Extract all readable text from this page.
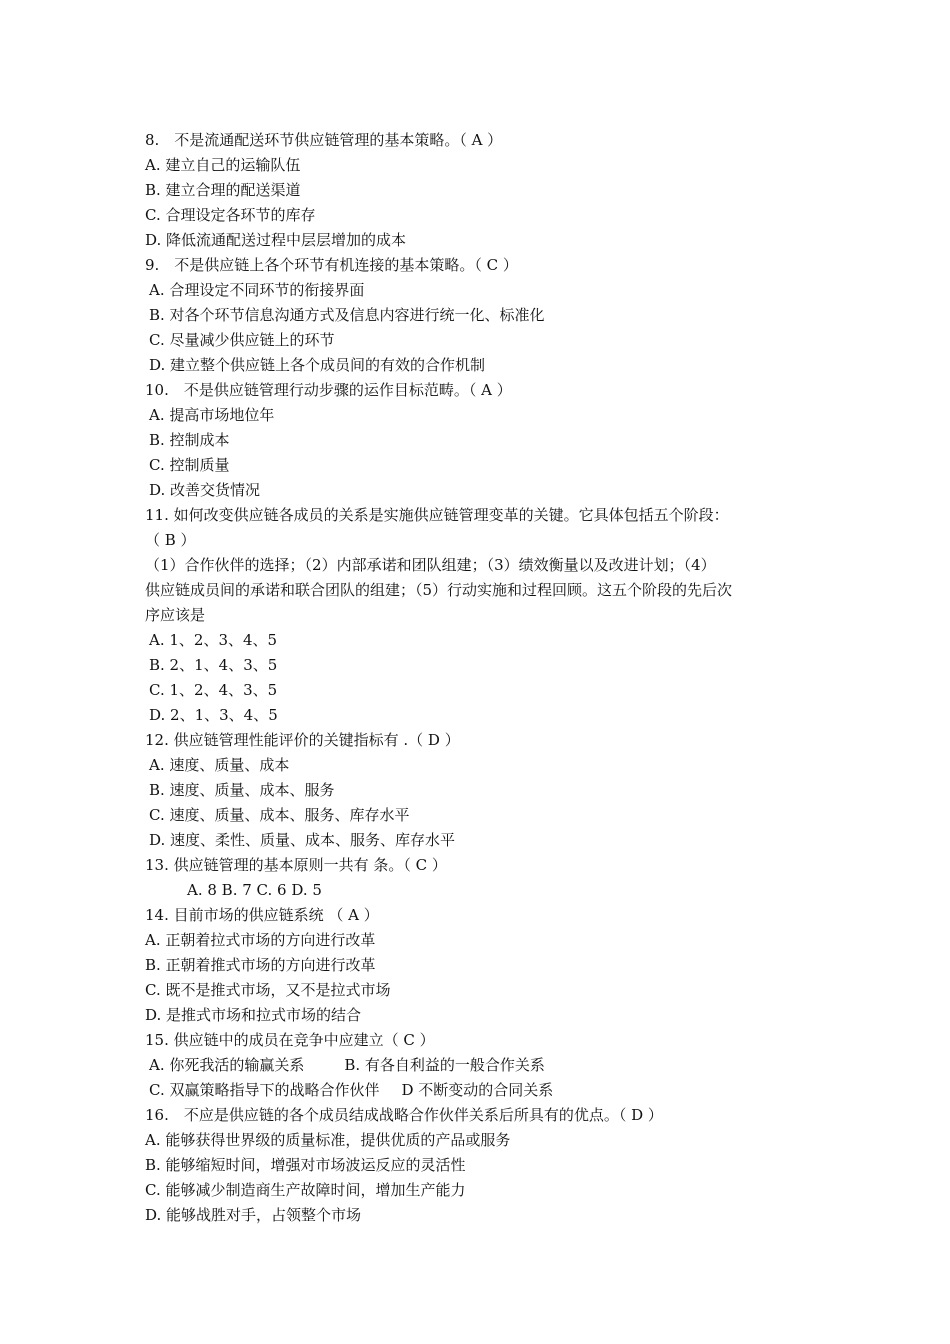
8.　不是流通配送环节供应链管理的基本策略。（ A ）
A. 建立自己的运输队伍
B. 建立合理的配送渠道
C. 合理设定各环节的库存
D. 降低流通配送过程中层层增加的成本
9.　不是供应链上各个环节有机连接的基本策略。（ C ）
A. 合理设定不同环节的衔接界面
B. 对各个环节信息沟通方式及信息内容进行统一化、标准化
C. 尽量减少供应链上的环节
D. 建立整个供应链上各个成员间的有效的合作机制
10.　不是供应链管理行动步骤的运作目标范畴。（ A ）
A. 提高市场地位年
B. 控制成本
C. 控制质量
D. 改善交货情况
11. 如何改变供应链各成员的关系是实施供应链管理变革的关键。它具体包括五个阶段：
（ B ）
（1）合作伙伴的选择；（2）内部承诺和团队组建；（3）绩效衡量以及改进计划；（4）
供应链成员间的承诺和联合团队的组建；（5）行动实施和过程回顾。这五个阶段的先后次
序应该是
A. 1、2、3、4、5
B. 2、1、4、3、5
C. 1、2、4、3、5
D. 2、1、3、4、5
12. 供应链管理性能评价的关键指标有 .（ D ）
A. 速度、质量、成本
B. 速度、质量、成本、服务
C. 速度、质量、成本、服务、库存水平
D. 速度、柔性、质量、成本、服务、库存水平
13. 供应链管理的基本原则一共有 条。（ C ）
A. 8 B. 7 C. 6 D. 5
14. 目前市场的供应链系统 （ A ）
A. 正朝着拉式市场的方向进行改革
B. 正朝着推式市场的方向进行改革
C. 既不是推式市场，又不是拉式市场
D. 是推式市场和拉式市场的结合
15. 供应链中的成员在竞争中应建立（ C ）
A. 你死我活的输赢关系	B. 有各自利益的一般合作关系
C. 双赢策略指导下的战略合作伙伴 D 不断变动的合同关系
16.　不应是供应链的各个成员结成战略合作伙伴关系后所具有的优点。（ D ）
A. 能够获得世界级的质量标准，提供优质的产品或服务
B. 能够缩短时间，增强对市场波运反应的灵活性
C. 能够减少制造商生产故障时间，增加生产能力
D. 能够战胜对手，占领整个市场
